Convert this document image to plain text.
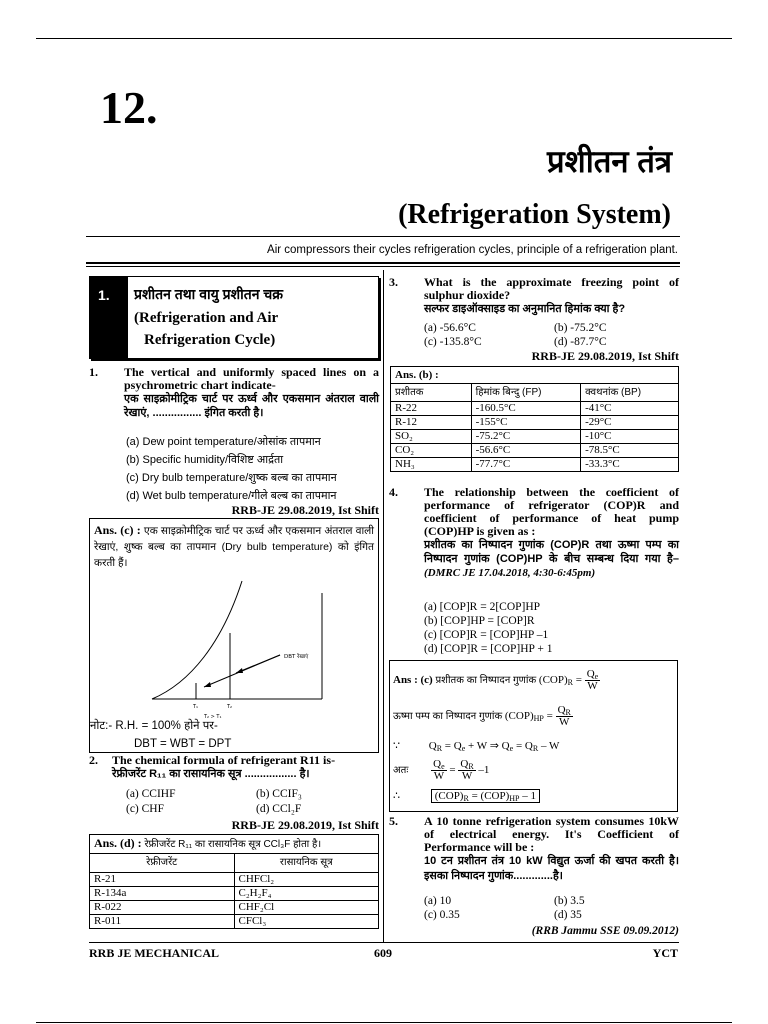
12.
प्रशीतन तंत्र
(Refrigeration System)
Air compressors their cycles refrigeration cycles, principle of a refrigeration plant.
1. प्रशीतन तथा वायु प्रशीतन चक्र
(Refrigeration and Air
Refrigeration Cycle)
1. The vertical and uniformly spaced lines on a psychrometric chart indicate-
एक साइक्रोमीट्रिक चार्ट पर ऊर्ध्व और एकसमान अंतराल वाली रेखाएं, ................ इंगित करती है।
(a) Dew point temperature/ओसांक तापमान
(b) Specific humidity/विशिष्ट आर्द्रता
(c) Dry bulb temperature/शुष्क बल्ब का तापमान
(d) Wet bulb temperature/गीले बल्ब का तापमान
RRB-JE 29.08.2019, Ist Shift
Ans. (c) : एक साइक्रोमीट्रिक चार्ट पर ऊर्ध्व और एकसमान अंतराल वाली रेखाएं, शुष्क बल्ब का तापमान (Dry bulb temperature) को इंगित करती हैं।
DBT रेखाएं
T₁	T₂
T₂ > T₁
नोट:- R.H. = 100% होने पर-
DBT = WBT = DPT
2. The chemical formula of refrigerant R11 is-
रेफ्रीजरेंट R₁₁ का रासायनिक सूत्र ................. है।
(a) CCIHF	(b) CCIF₃
(c) CHF	(d) CCl₂F
RRB-JE 29.08.2019, Ist Shift
Ans. (d) : रेफ्रीजरेंट R₁₁ का रासायनिक सूत्र CCl₃F होता है।	
रेफ्रीजरेंट	रासायनिक सूत्र
R-21	CHFCl₂
R-134a	C₂H₂F₄
R-022	CHF₂Cl
R-011	CFCl₃
3. What is the approximate freezing point of sulphur dioxide?
सल्फर डाइऑक्साइड का अनुमानित हिमांक क्या है?
(a) -56.6°C	(b) -75.2°C
(c) -135.8°C	(d) -87.7°C
RRB-JE 29.08.2019, Ist Shift
Ans. (b) :		
प्रशीतक	हिमांक बिन्दु (FP)	क्वथनांक (BP)
R-22	-160.5°C	-41°C
R-12	-155°C	-29°C
SO₂	-75.2°C	-10°C
CO₂	-56.6°C	-78.5°C
NH₃	-77.7°C	-33.3°C
4. The relationship between the coefficient of performance of refrigerator (COP)R and coefficient of performance of heat pump (COP)HP is given as :
प्रशीतक का निष्पादन गुणांक (COP)R तथा ऊष्मा पम्प का निष्पादन गुणांक (COP)HP के बीच सम्बन्ध दिया गया है– (DMRC JE 17.04.2018, 4:30-6:45pm)
(a) [COP]R = 2[COP]HP
(b) [COP]HP = [COP]R
(c) [COP]R = [COP]HP –1
(d) [COP]R = [COP]HP + 1
Ans : (c) प्रशीतक का निष्पादन गुणांक $(COP)_R = \frac{Q_e}{W}$
ऊष्मा पम्प का निष्पादन गुणांक $(COP)_{HP} = \frac{Q_R}{W}$
∵	$Q_R = Q_e + W$ ⇒ $Q_e = Q_R - W$
अतः $\frac{Q_e}{W} = \frac{Q_R}{W} -1$
∴	$(COP)_R = (COP)_{HP} - 1$
5. A 10 tonne refrigeration system consumes 10kW of electrical energy. It's Coefficient of Performance will be :
10 टन प्रशीतन तंत्र 10 kW विद्युत ऊर्जा की खपत करती है। इसका निष्पादन गुणांक.............है।
(a) 10	(b) 3.5
(c) 0.35	(d) 35
(RRB Jammu SSE 09.09.2012)
RRB JE MECHANICAL	609	YCT
